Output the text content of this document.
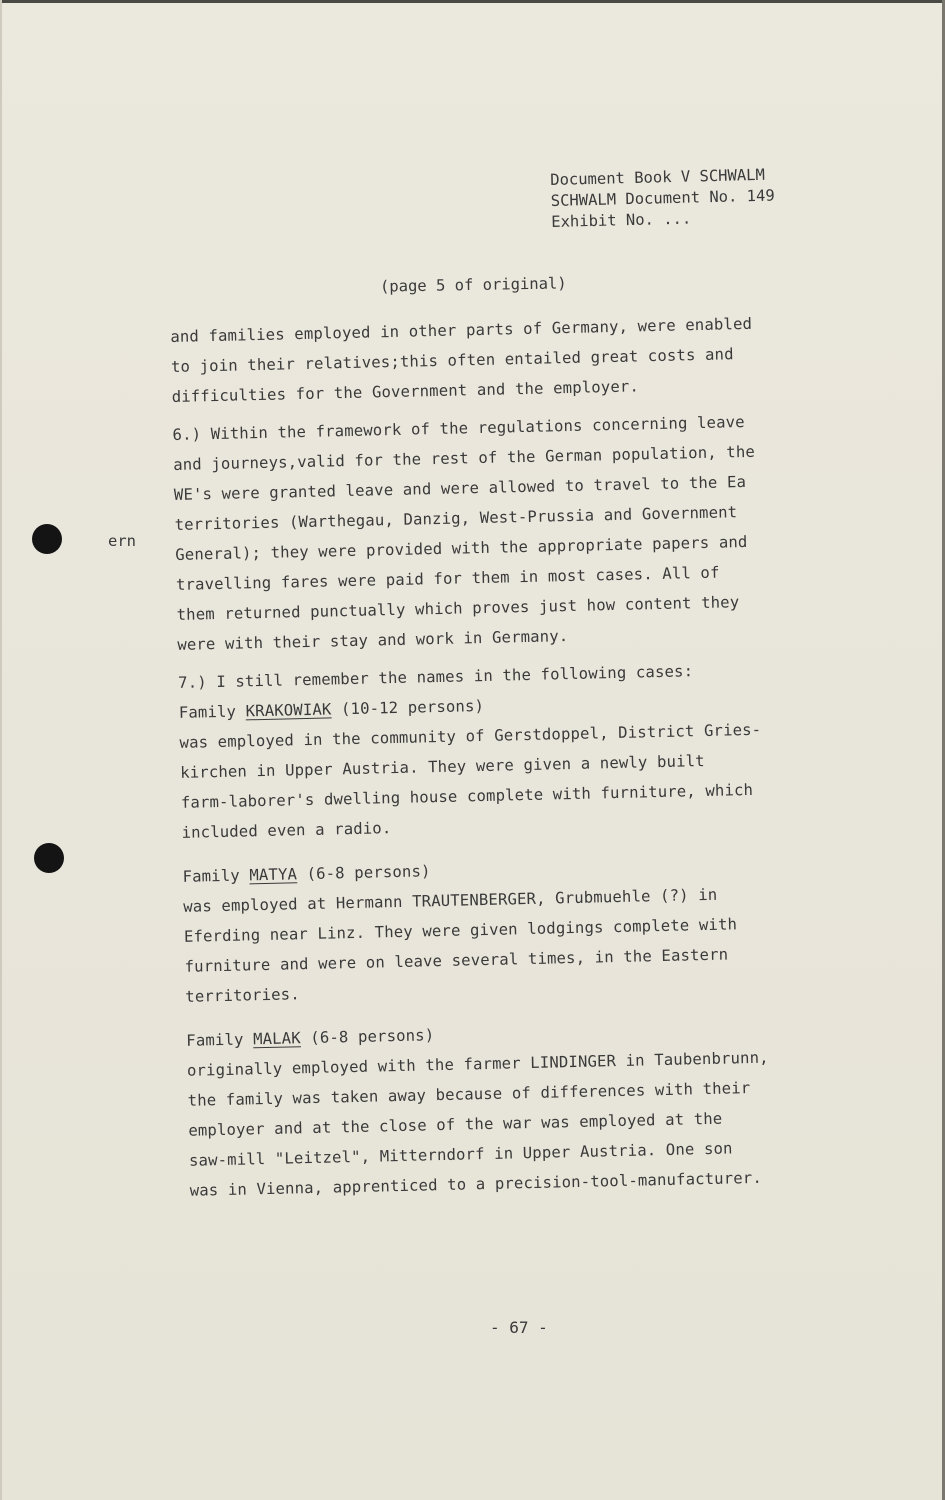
Document Book V SCHWALM
SCHWALM Document No. 149
Exhibit No. ...
(page 5 of original)
ern
and families employed in other parts of Germany, were enabled
to join their relatives;this often entailed great costs and
difficulties for the Government and the employer.
6.) Within the framework of the regulations concerning leave
and journeys,valid for the rest of the German population, the
WE's were granted leave and were allowed to travel to the Ea
territories (Warthegau, Danzig, West-Prussia and Government
General); they were provided with the appropriate papers and
travelling fares were paid for them in most cases. All of
them returned punctually which proves just how content they
were with their stay and work in Germany.
7.) I still remember the names in the following cases:
Family KRAKOWIAK (10-12 persons)
was employed in the community of Gerstdoppel, District Gries-
kirchen in Upper Austria. They were given a newly built
farm-laborer's dwelling house complete with furniture, which
included even a radio.
Family MATYA (6-8 persons)
was employed at Hermann TRAUTENBERGER, Grubmuehle (?) in
Eferding near Linz. They were given lodgings complete with
furniture and were on leave several times, in the Eastern
territories.
Family MALAK (6-8 persons)
originally employed with the farmer LINDINGER in Taubenbrunn,
the family was taken away because of differences with their
employer and at the close of the war was employed at the
saw-mill "Leitzel", Mitterndorf in Upper Austria. One son
was in Vienna, apprenticed to a precision-tool-manufacturer.
- 67 -
